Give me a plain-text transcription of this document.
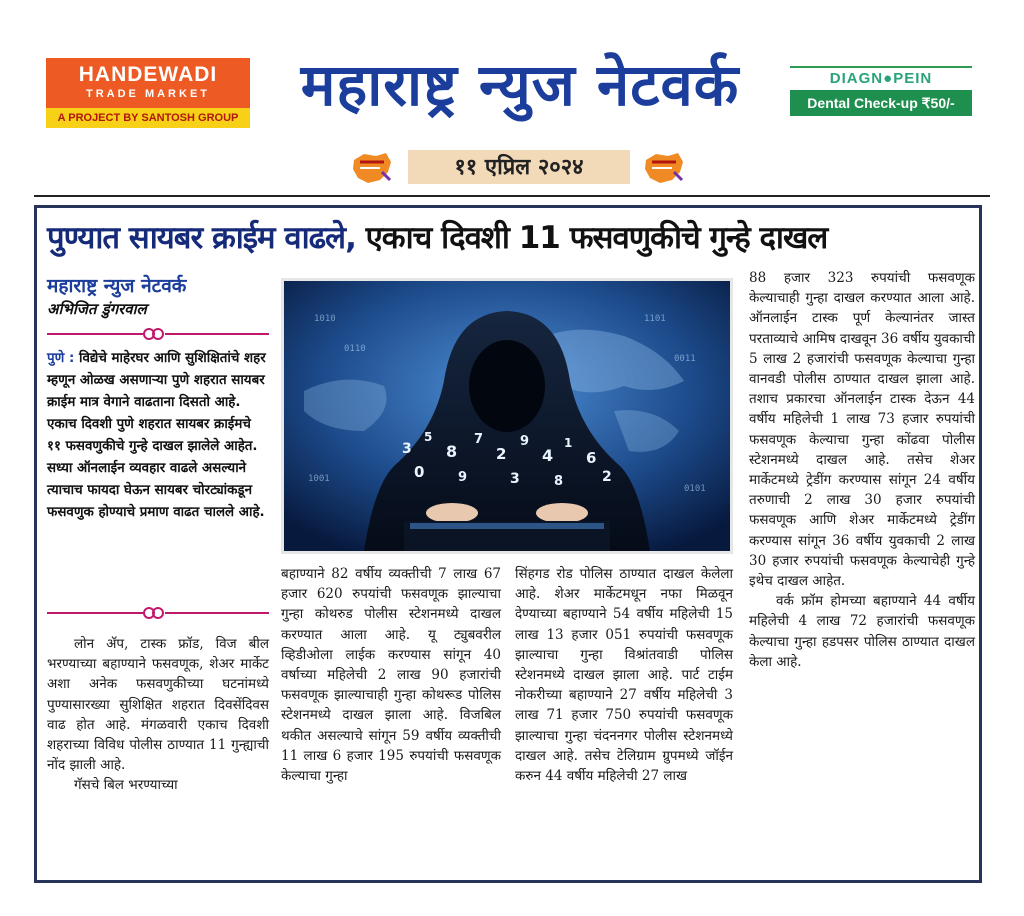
HANDEWADI
TRADE MARKET
A PROJECT BY SANTOSH GROUP	महाराष्ट्र न्युज नेटवर्क	DIAGN●PEIN
Dental Check-up ₹50/-
११ एप्रिल २०२४
पुण्यात सायबर क्राईम वाढले, एकाच दिवशी 11 फसवणुकीचे गुन्हे दाखल
महाराष्ट्र न्युज नेटवर्क
अभिजित डुंगरवाल
पुणे : विद्येचे माहेरघर आणि सुशिक्षितांचे शहर म्हणून ओळख असणाऱ्या पुणे शहरात सायबर क्राईम मात्र वेगाने वाढताना दिसतो आहे. एकाच दिवशी पुणे शहरात सायबर क्राईमचे ११ फसवणुकीचे गुन्हे दाखल झालेले आहेत. सध्या ऑनलाईन व्यवहार वाढले असल्याने त्याचाच फायदा घेऊन सायबर चोरट्यांकडून फसवणुक होण्याचे प्रमाण वाढत चालले आहे.
1010
0110
1101
0011
1001
0101
3
5
8
7
2
9
4
1
6
0	9	3	8	2

लोन ॲप, टास्क फ्रॉड, विज बील भरण्याच्या बहाण्याने फसवणूक, शेअर मार्केट अशा अनेक फसवणुकीच्या घटनांमध्ये पुण्यासारख्या सुशिक्षित शहरात दिवसेंदिवस वाढ होत आहे. मंगळवारी एकाच दिवशी शहराच्या विविध पोलीस ठाण्यात 11 गुन्ह्याची नोंद झाली आहे.

गॅसचे बिल भरण्याच्या

बहाण्याने 82 वर्षीय व्यक्तीची 7 लाख 67 हजार 620 रुपयांची फसवणूक झाल्याचा गुन्हा कोथरुड पोलीस स्टेशनमध्ये दाखल करण्यात आला आहे. यू ट्युबवरील व्हिडीओला लाईक करण्यास सांगून 40 वर्षाच्या महिलेची 2 लाख 90 हजारांची फसवणूक झाल्याचाही गुन्हा कोथरूड पोलिस स्टेशनमध्ये दाखल झाला आहे. विजबिल थकीत असल्याचे सांगून 59 वर्षीय व्यक्तीची 11 लाख 6 हजार 195 रुपयांची फसवणूक केल्याचा गुन्हा

सिंहगड रोड पोलिस ठाण्यात दाखल केलेला आहे. शेअर मार्केटमधून नफा मिळवून देण्याच्या बहाण्याने 54 वर्षीय महिलेची 15 लाख 13 हजार 051 रुपयांची फसवणूक झाल्याचा गुन्हा विश्रांतवाडी पोलिस स्टेशनमध्ये दाखल झाला आहे. पार्ट टाईम नोकरीच्या बहाण्याने 27 वर्षीय महिलेची 3 लाख 71 हजार 750 रुपयांची फसवणूक झाल्याचा गुन्हा चंदननगर पोलीस स्टेशनमध्ये दाखल आहे. तसेच टेलिग्राम ग्रुपमध्ये जॉईन करुन 44 वर्षीय महिलेची 27 लाख

88 हजार 323 रुपयांची फसवणूक केल्याचाही गुन्हा दाखल करण्यात आला आहे. ऑनलाईन टास्क पूर्ण केल्यानंतर जास्त परताव्याचे आमिष दाखवून 36 वर्षीय युवकाची 5 लाख 2 हजारांची फसवणूक केल्याचा गुन्हा वानवडी पोलीस ठाण्यात दाखल झाला आहे. तशाच प्रकारचा ऑनलाईन टास्क देऊन 44 वर्षीय महिलेची 1 लाख 73 हजार रुपयांची फसवणूक केल्याचा गुन्हा कोंढवा पोलीस स्टेशनमध्ये दाखल आहे. तसेच शेअर मार्केटमध्ये ट्रेडींग करण्यास सांगून 24 वर्षीय तरुणाची 2 लाख 30 हजार रुपयांची फसवणूक आणि शेअर मार्केटमध्ये ट्रेडींग करण्यास सांगून 36 वर्षीय युवकाची 2 लाख 30 हजार रुपयांची फसवणूक केल्याचेही गुन्हे इथेच दाखल आहेत.

वर्क फ्रॉम होमच्या बहाण्याने 44 वर्षीय महिलेची 4 लाख 72 हजारांची फसवणूक केल्याचा गुन्हा हडपसर पोलिस ठाण्यात दाखल केला आहे.
